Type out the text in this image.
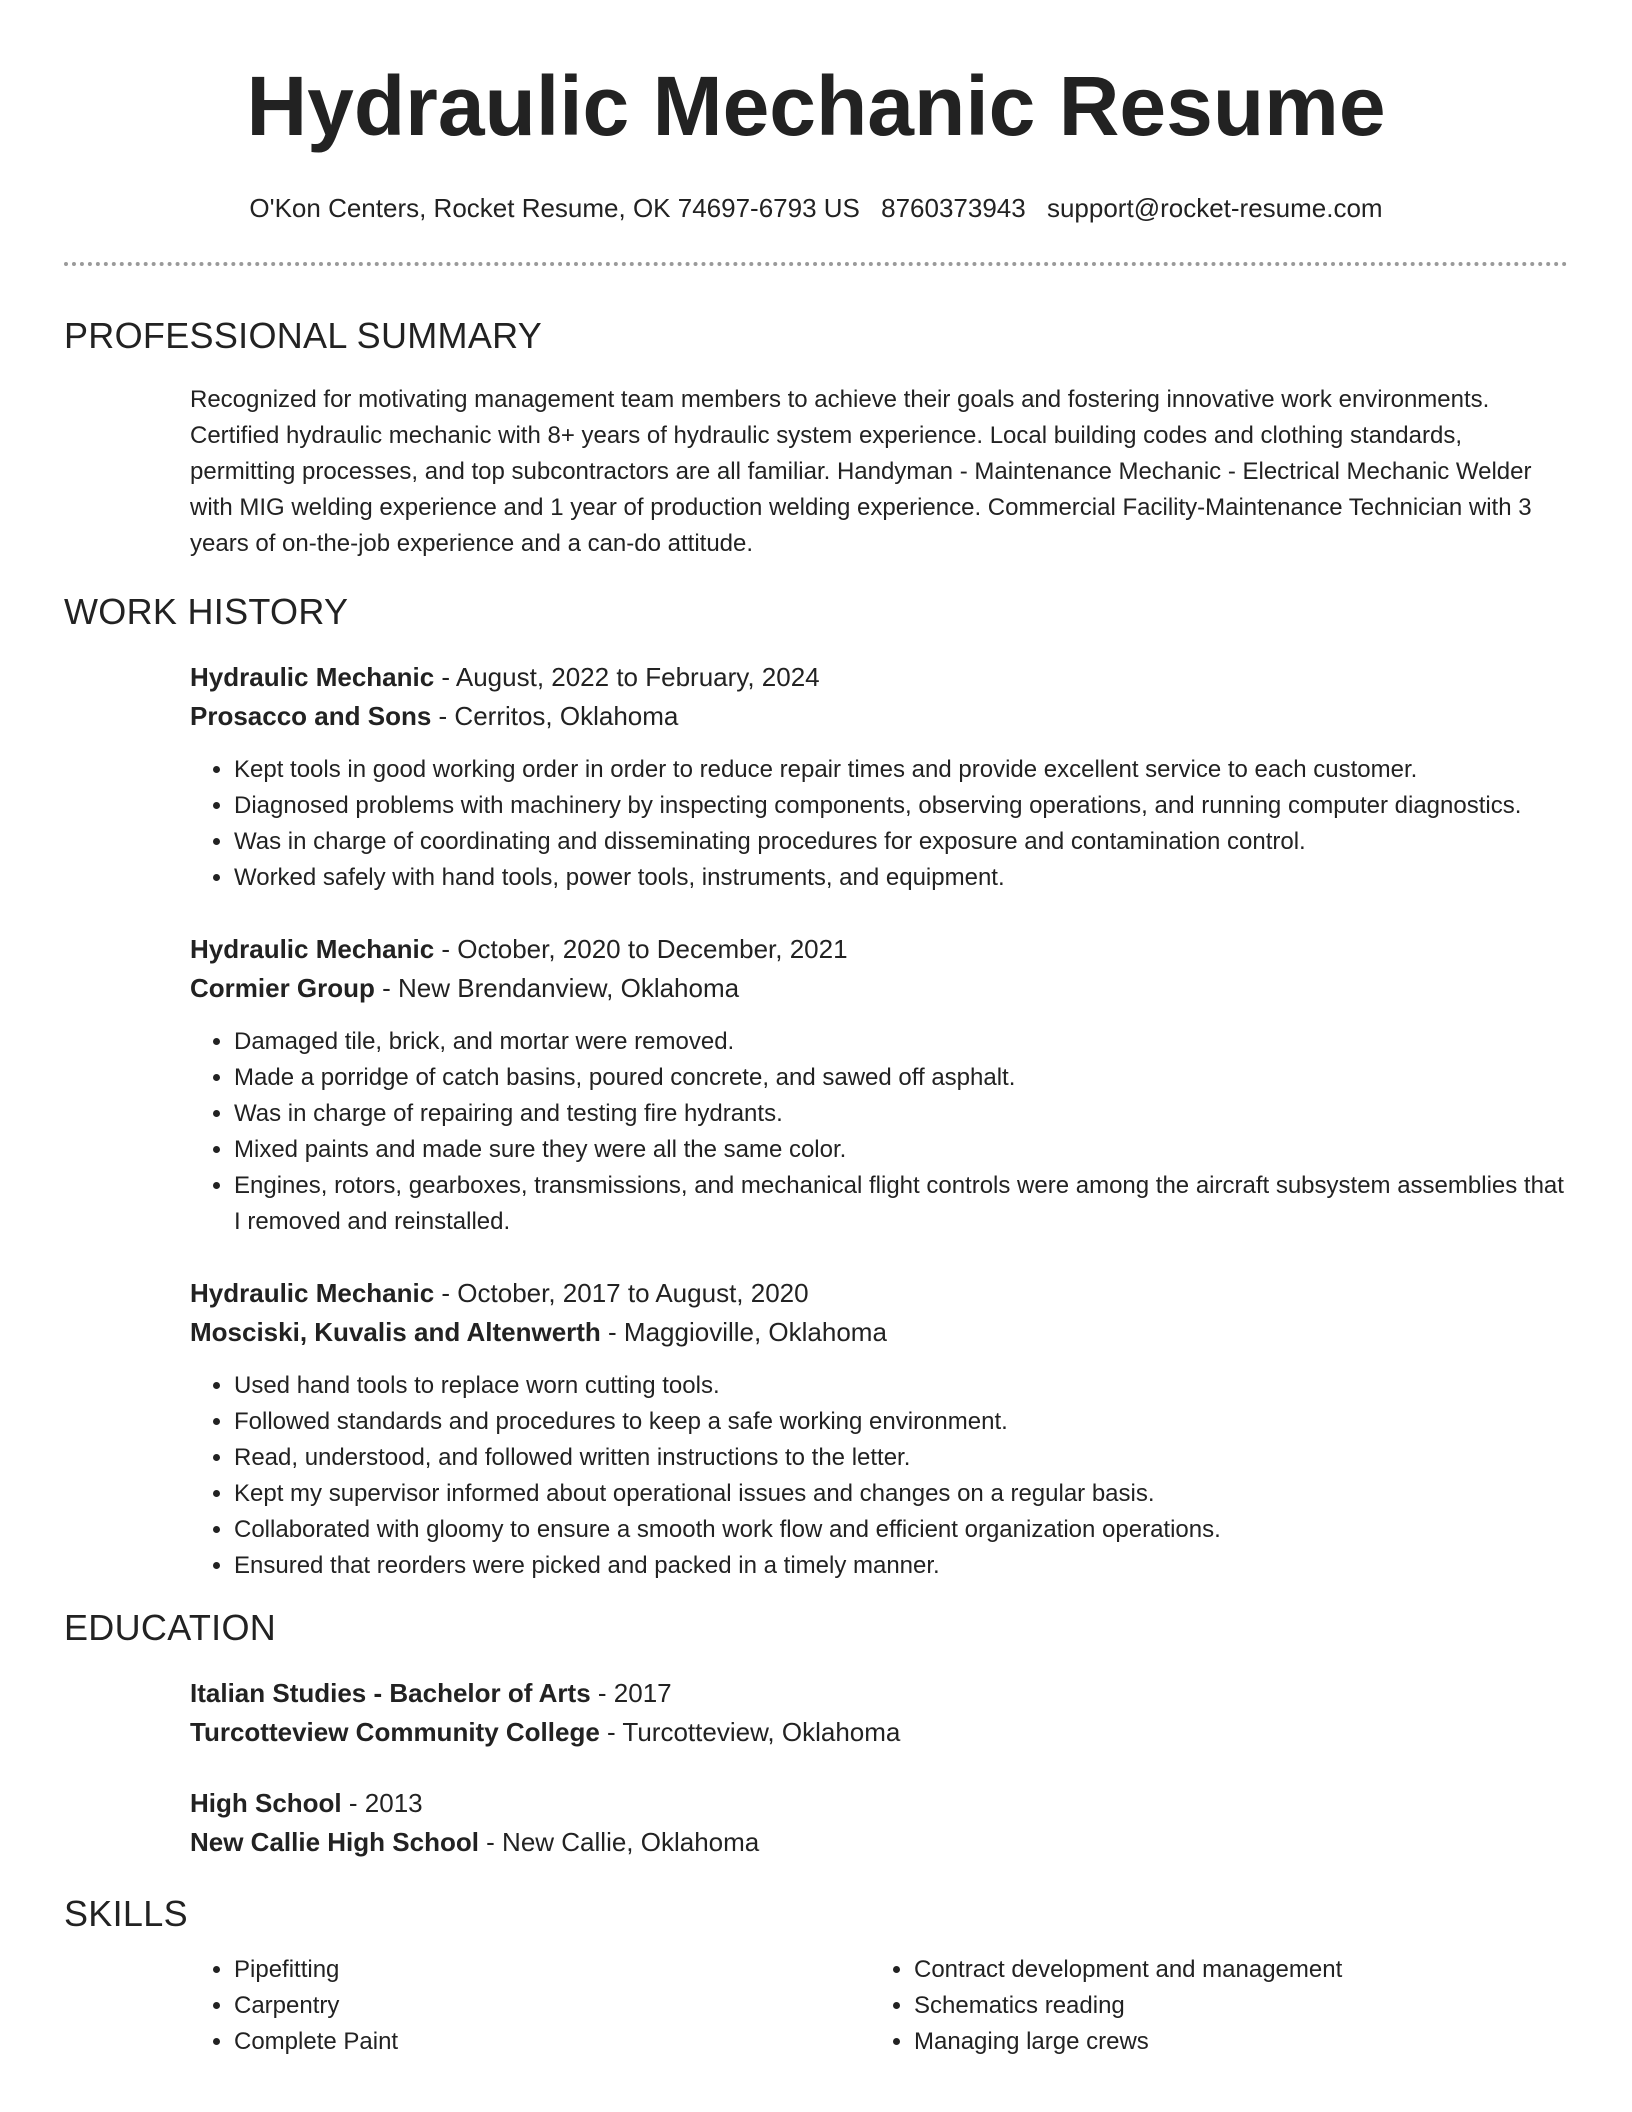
Hydraulic Mechanic Resume
O'Kon Centers, Rocket Resume, OK 74697-6793 US 8760373943 support@rocket-resume.com
PROFESSIONAL SUMMARY
Recognized for motivating management team members to achieve their goals and fostering innovative work environments. Certified hydraulic mechanic with 8+ years of hydraulic system experience. Local building codes and clothing standards, permitting processes, and top subcontractors are all familiar. Handyman - Maintenance Mechanic - Electrical Mechanic Welder with MIG welding experience and 1 year of production welding experience. Commercial Facility-Maintenance Technician with 3 years of on-the-job experience and a can-do attitude.
WORK HISTORY
Hydraulic Mechanic - August, 2022 to February, 2024
Prosacco and Sons - Cerritos, Oklahoma
• Kept tools in good working order in order to reduce repair times and provide excellent service to each customer.
• Diagnosed problems with machinery by inspecting components, observing operations, and running computer diagnostics.
• Was in charge of coordinating and disseminating procedures for exposure and contamination control.
• Worked safely with hand tools, power tools, instruments, and equipment.
Hydraulic Mechanic - October, 2020 to December, 2021
Cormier Group - New Brendanview, Oklahoma
• Damaged tile, brick, and mortar were removed.
• Made a porridge of catch basins, poured concrete, and sawed off asphalt.
• Was in charge of repairing and testing fire hydrants.
• Mixed paints and made sure they were all the same color.
• Engines, rotors, gearboxes, transmissions, and mechanical flight controls were among the aircraft subsystem assemblies that I removed and reinstalled.
Hydraulic Mechanic - October, 2017 to August, 2020
Mosciski, Kuvalis and Altenwerth - Maggioville, Oklahoma
• Used hand tools to replace worn cutting tools.
• Followed standards and procedures to keep a safe working environment.
• Read, understood, and followed written instructions to the letter.
• Kept my supervisor informed about operational issues and changes on a regular basis.
• Collaborated with gloomy to ensure a smooth work flow and efficient organization operations.
• Ensured that reorders were picked and packed in a timely manner.
EDUCATION
Italian Studies - Bachelor of Arts - 2017
Turcotteview Community College - Turcotteview, Oklahoma
High School - 2013
New Callie High School - New Callie, Oklahoma
SKILLS
• Pipefitting
• Carpentry
• Complete Paint
• Contract development and management
• Schematics reading
• Managing large crews
